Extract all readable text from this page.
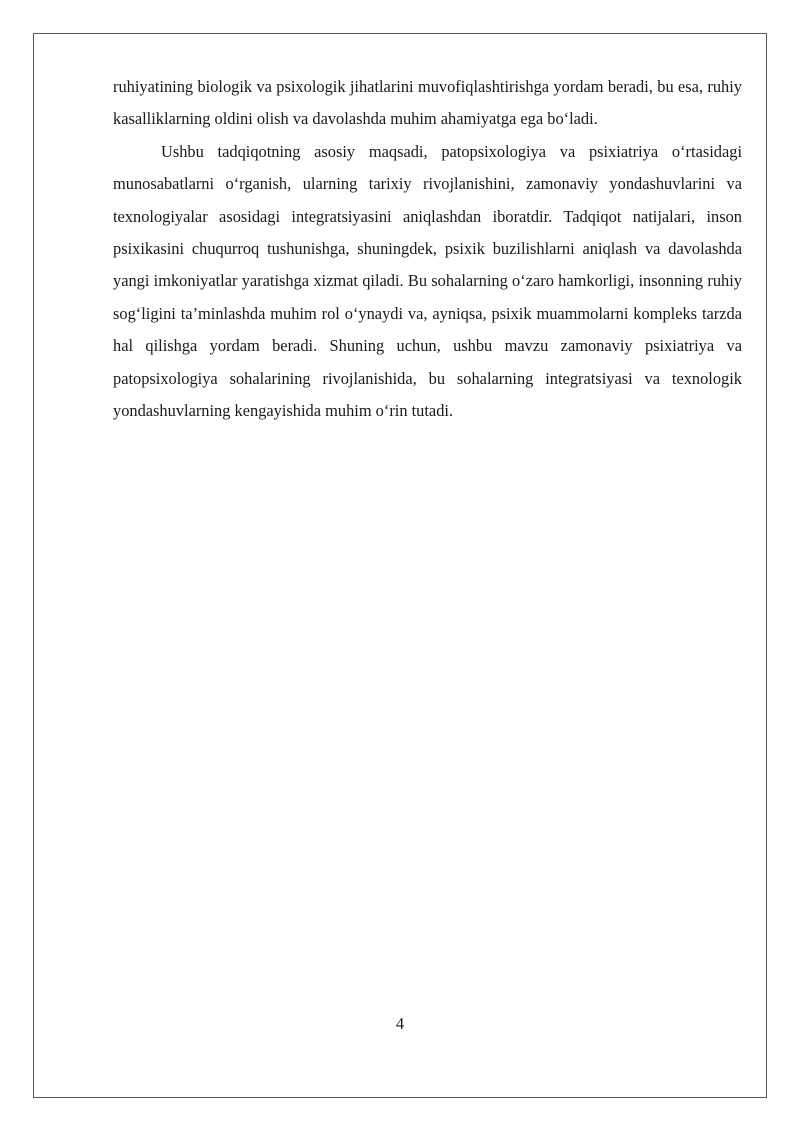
ruhiyatining biologik va psixologik jihatlarini muvofiqlashtirishga yordam beradi, bu esa, ruhiy kasalliklarning oldini olish va davolashda muhim ahamiyatga ega bo‘ladi.

Ushbu tadqiqotning asosiy maqsadi, patopsixologiya va psixiatriya o‘rtasidagi munosabatlarni o‘rganish, ularning tarixiy rivojlanishini, zamonaviy yondashuvlarini va texnologiyalar asosidagi integratsiyasini aniqlashdan iboratdir. Tadqiqot natijalari, inson psixikasini chuqurroq tushunishga, shuningdek, psixik buzilishlarni aniqlash va davolashda yangi imkoniyatlar yaratishga xizmat qiladi. Bu sohalarning o‘zaro hamkorligi, insonning ruhiy sog‘ligini ta’minlashda muhim rol o‘ynaydi va, ayniqsa, psixik muammolarni kompleks tarzda hal qilishga yordam beradi. Shuning uchun, ushbu mavzu zamonaviy psixiatriya va patopsixologiya sohalarining rivojlanishida, bu sohalarning integratsiyasi va texnologik yondashuvlarning kengayishida muhim o‘rin tutadi.

4
